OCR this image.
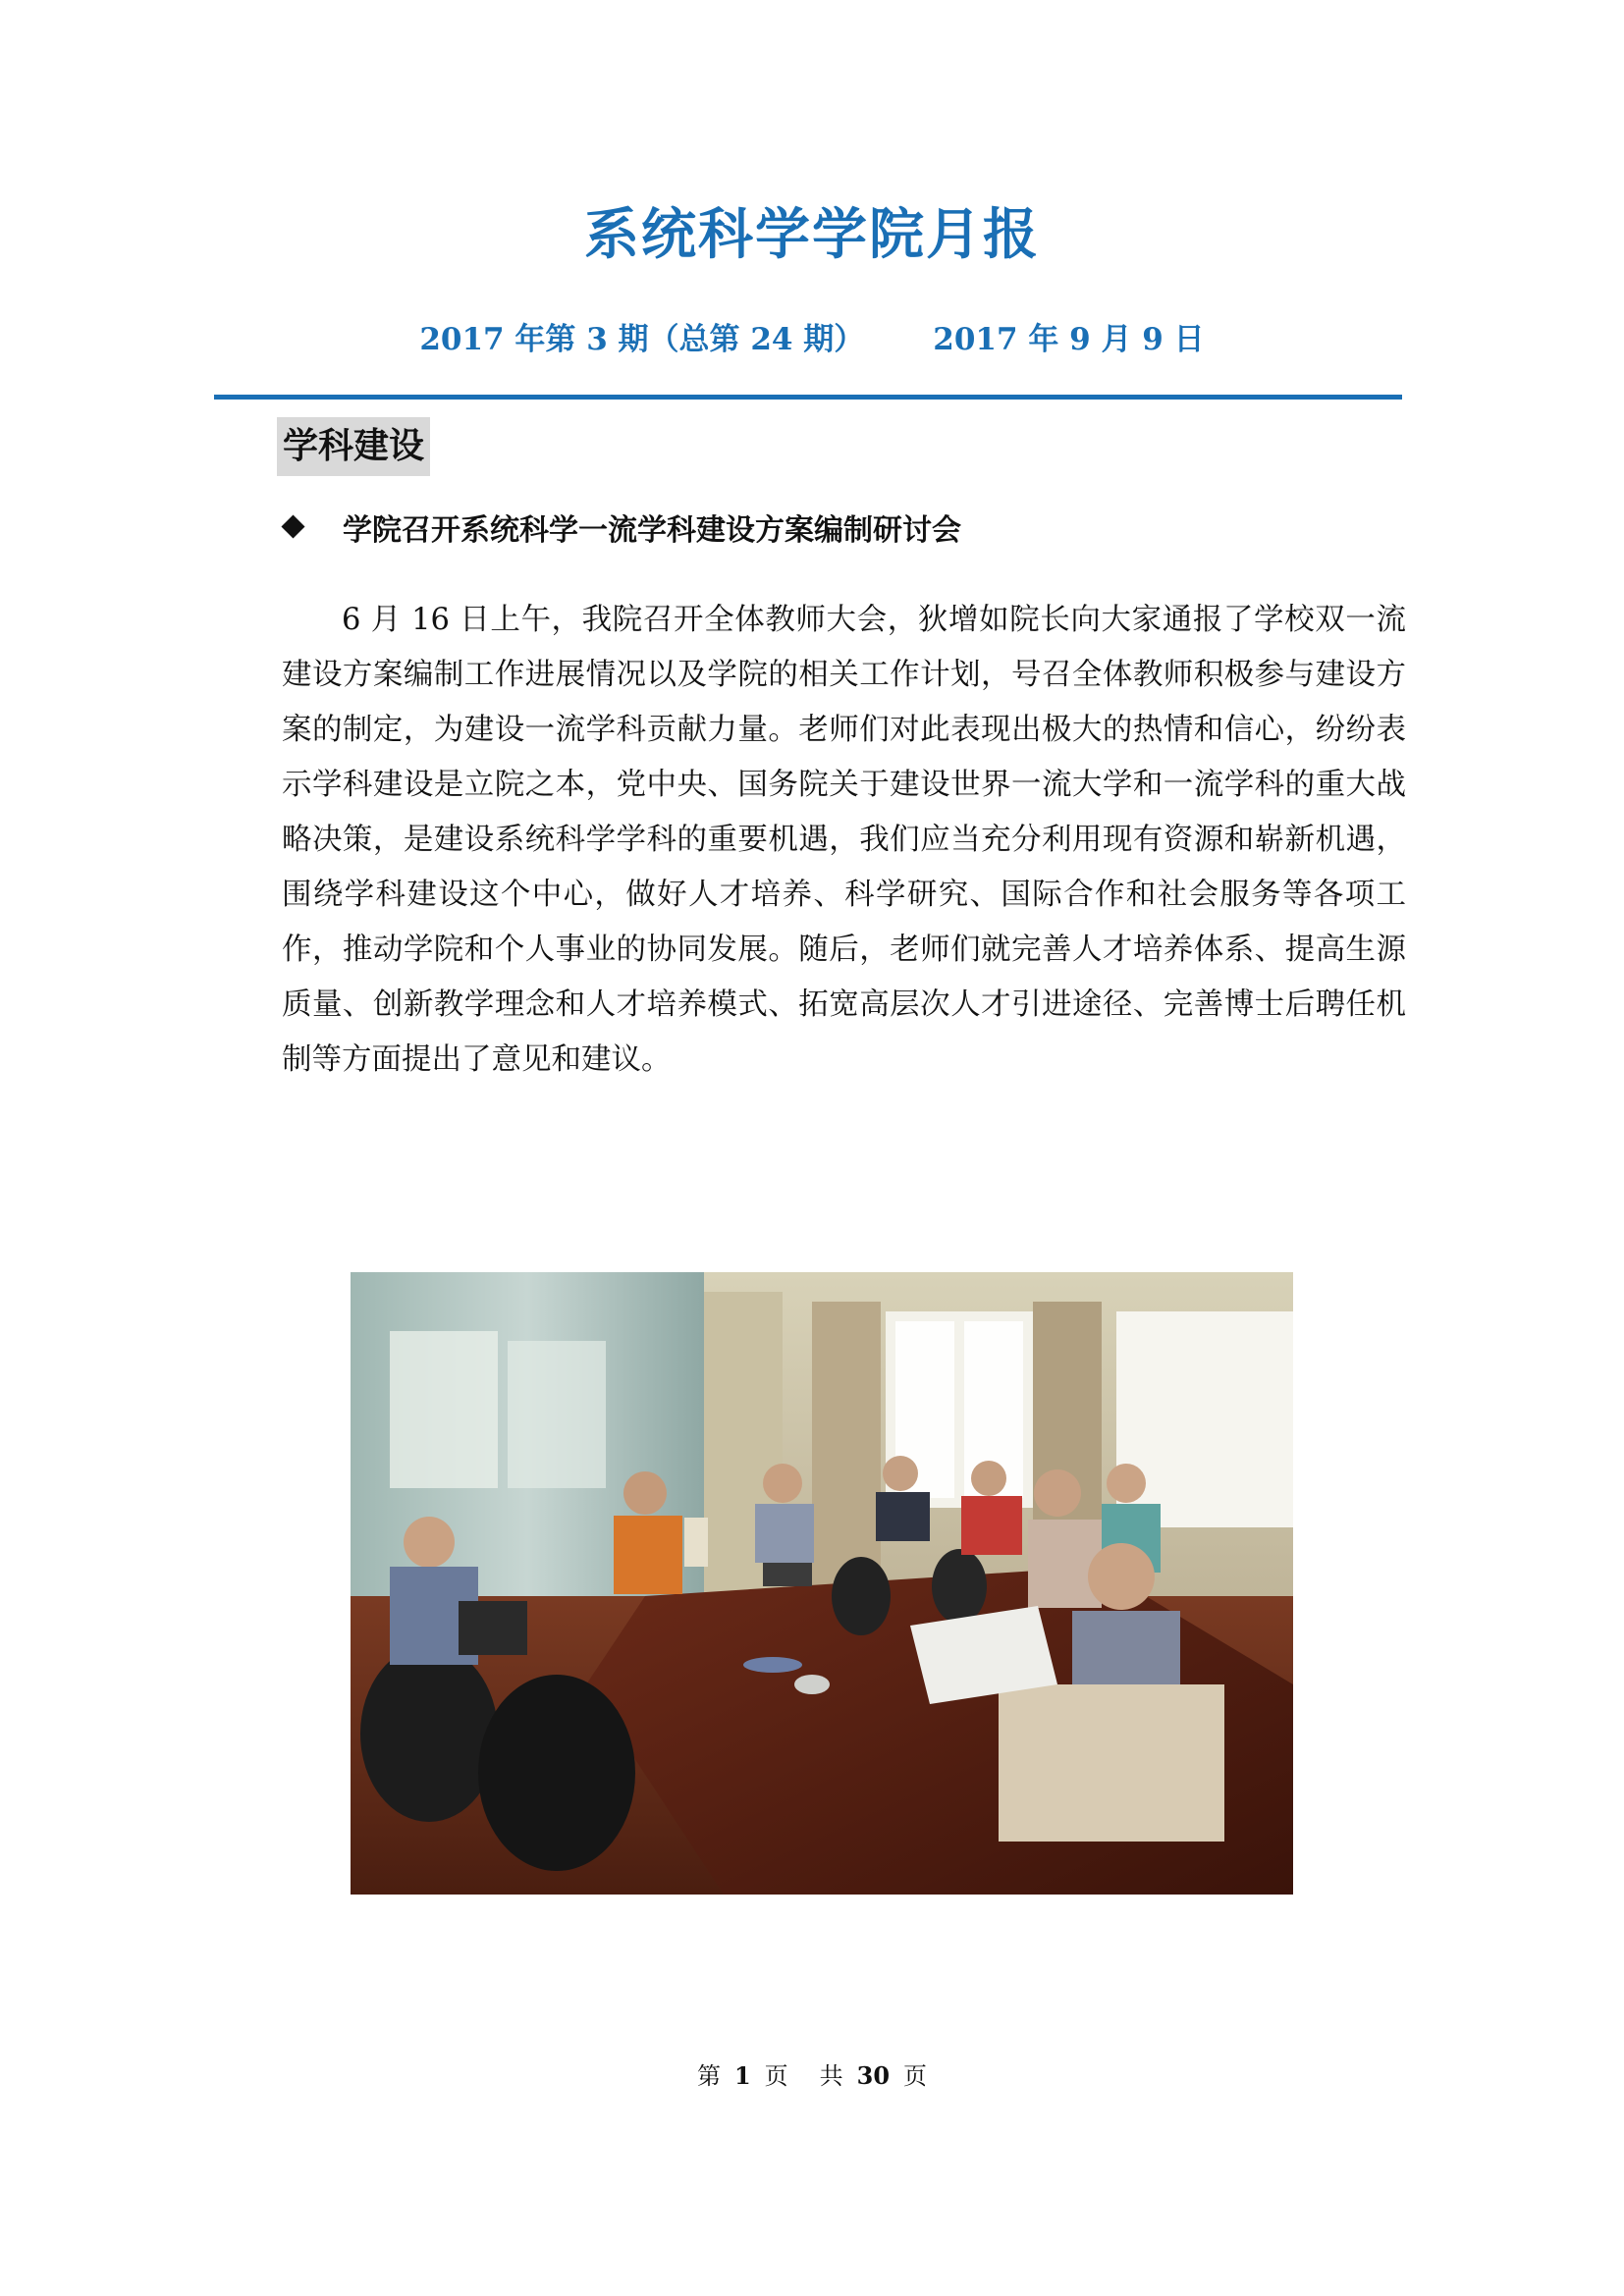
系统科学学院月报
2017 年第 3 期（总第 24 期） 2017 年 9 月 9 日
学科建设
学院召开系统科学一流学科建设方案编制研讨会
6 月 16 日上午，我院召开全体教师大会，狄增如院长向大家通报了学校双一流建设方案编制工作进展情况以及学院的相关工作计划，号召全体教师积极参与建设方案的制定，为建设一流学科贡献力量。老师们对此表现出极大的热情和信心，纷纷表示学科建设是立院之本，党中央、国务院关于建设世界一流大学和一流学科的重大战略决策，是建设系统科学学科的重要机遇，我们应当充分利用现有资源和崭新机遇，围绕学科建设这个中心，做好人才培养、科学研究、国际合作和社会服务等各项工作，推动学院和个人事业的协同发展。随后，老师们就完善人才培养体系、提高生源质量、创新教学理念和人才培养模式、拓宽高层次人才引进途径、完善博士后聘任机制等方面提出了意见和建议。
第 1 页 共 30 页
